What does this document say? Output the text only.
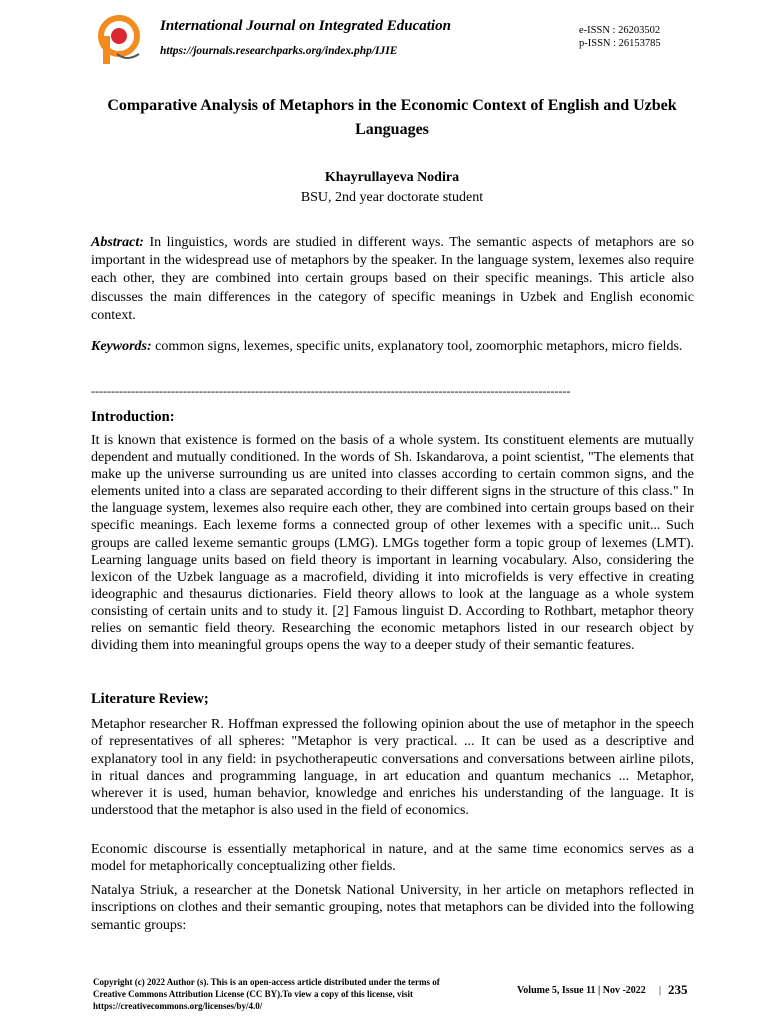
International Journal on Integrated Education
https://journals.researchparks.org/index.php/IJIE
e-ISSN : 26203502
p-ISSN : 26153785
Comparative Analysis of Metaphors in the Economic Context of English and Uzbek Languages
Khayrullayeva Nodira
BSU, 2nd year doctorate student

Abstract: In linguistics, words are studied in different ways. The semantic aspects of metaphors are so important in the widespread use of metaphors by the speaker. In the language system, lexemes also require each other, they are combined into certain groups based on their specific meanings. This article also discusses the main differences in the category of specific meanings in Uzbek and English economic context.

Keywords: common signs, lexemes, specific units, explanatory tool, zoomorphic metaphors, micro fields.

------------------------------------------------------------------------------------------------------------------------
Introduction:

It is known that existence is formed on the basis of a whole system. Its constituent elements are mutually dependent and mutually conditioned. In the words of Sh. Iskandarova, a point scientist, "The elements that make up the universe surrounding us are united into classes according to certain common signs, and the elements united into a class are separated according to their different signs in the structure of this class." In the language system, lexemes also require each other, they are combined into certain groups based on their specific meanings. Each lexeme forms a connected group of other lexemes with a specific unit... Such groups are called lexeme semantic groups (LMG). LMGs together form a topic group of lexemes (LMT). Learning language units based on field theory is important in learning vocabulary. Also, considering the lexicon of the Uzbek language as a macrofield, dividing it into microfields is very effective in creating ideographic and thesaurus dictionaries. Field theory allows to look at the language as a whole system consisting of certain units and to study it. [2] Famous linguist D. According to Rothbart, metaphor theory relies on semantic field theory. Researching the economic metaphors listed in our research object by dividing them into meaningful groups opens the way to a deeper study of their semantic features.

Literature Review;

Metaphor researcher R. Hoffman expressed the following opinion about the use of metaphor in the speech of representatives of all spheres: "Metaphor is very practical. ... It can be used as a descriptive and explanatory tool in any field: in psychotherapeutic conversations and conversations between airline pilots, in ritual dances and programming language, in art education and quantum mechanics ... Metaphor, wherever it is used, human behavior, knowledge and enriches his understanding of the language. It is understood that the metaphor is also used in the field of economics.

Economic discourse is essentially metaphorical in nature, and at the same time economics serves as a model for metaphorically conceptualizing other fields.

Natalya Striuk, a researcher at the Donetsk National University, in her article on metaphors reflected in inscriptions on clothes and their semantic grouping, notes that metaphors can be divided into the following semantic groups:

Copyright (c) 2022 Author (s). This is an open-access article distributed under the terms of Creative Commons Attribution License (CC BY).To view a copy of this license, visit https://creativecommons.org/licenses/by/4.0/
Volume 5, Issue 11 | Nov -2022 | 235
